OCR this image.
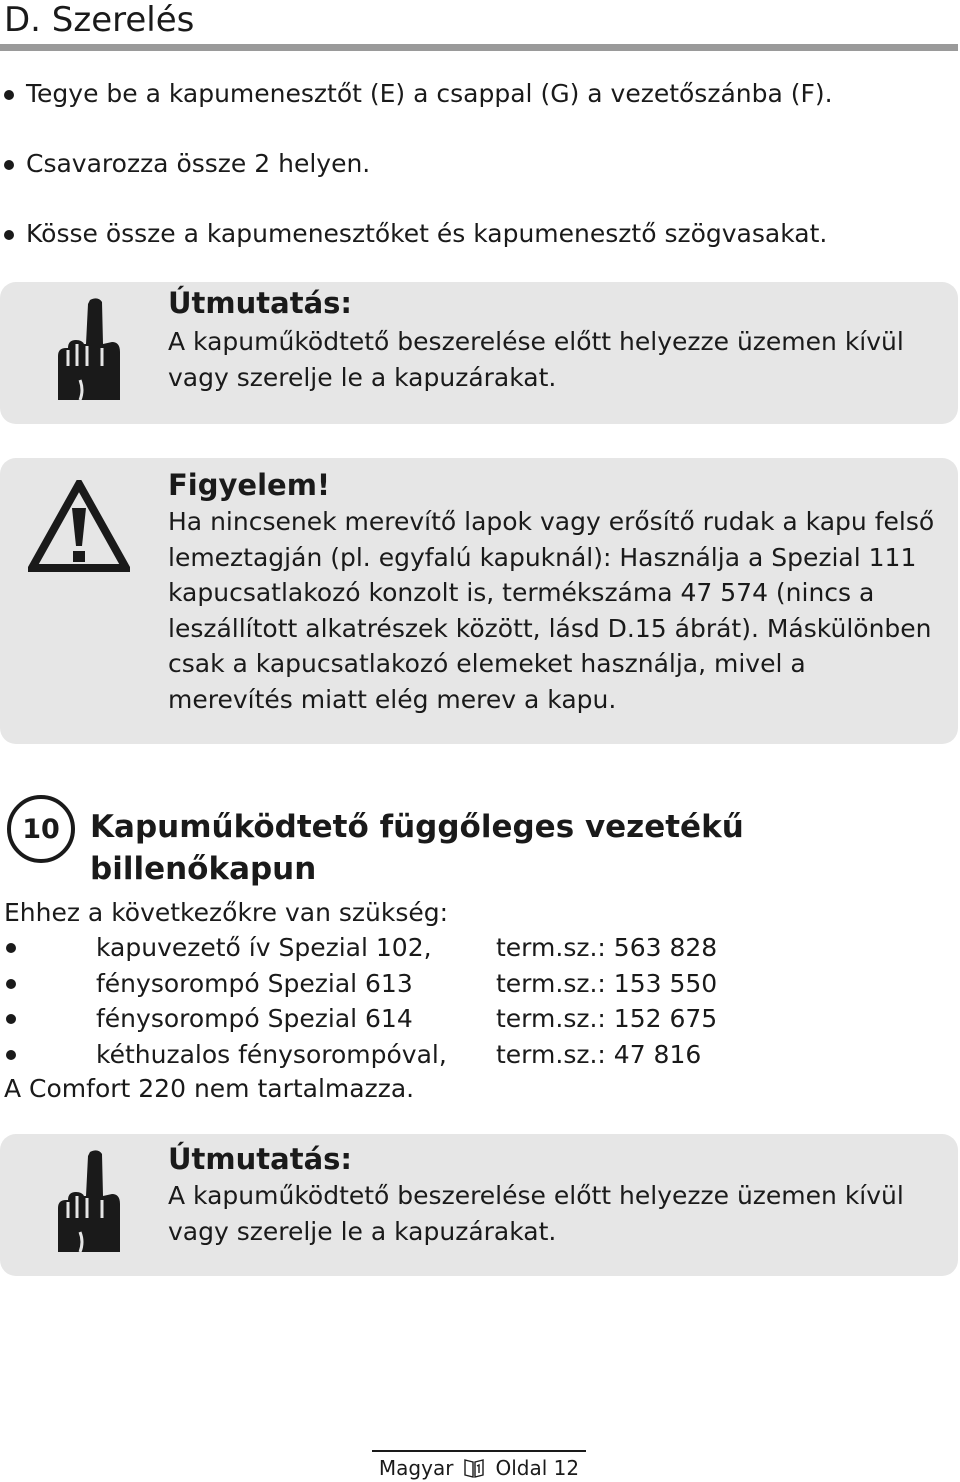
D. Szerelés
Tegye be a kapumenesztőt (E) a csappal (G) a vezetőszánba (F).
Csavarozza össze 2 helyen.
Kösse össze a kapumenesztőket és kapumenesztő szögvasakat.

Útmutatás:

A kapuműködtető beszerelése előtt helyezze üzemen kívül vagy szerelje le a kapuzárakat.

Figyelem!

Ha nincsenek merevítő lapok vagy erősítő rudak a kapu felső lemeztagján (pl. egyfalú kapuknál): Használja a Spezial 111 kapucsatlakozó konzolt is, termékszáma 47 574 (nincs a leszállított alkatrészek között, lásd D.15 ábrát). Máskülönben csak a kapucsatlakozó elemeket használja, mivel a merevítés miatt elég merev a kapu.

10 Kapuműködtető függőleges vezetékű billenőkapun

Ehhez a következőkre van szükség:

kapuvezető ív Spezial 102,	term.sz.: 563 828
fénysorompó Spezial 613	term.sz.: 153 550
fénysorompó Spezial 614	term.sz.: 152 675
kéthuzalos fénysorompóval, term.sz.: 47 816

A Comfort 220 nem tartalmazza.

Útmutatás:

A kapuműködtető beszerelése előtt helyezze üzemen kívül vagy szerelje le a kapuzárakat.

Magyar Oldal 12
